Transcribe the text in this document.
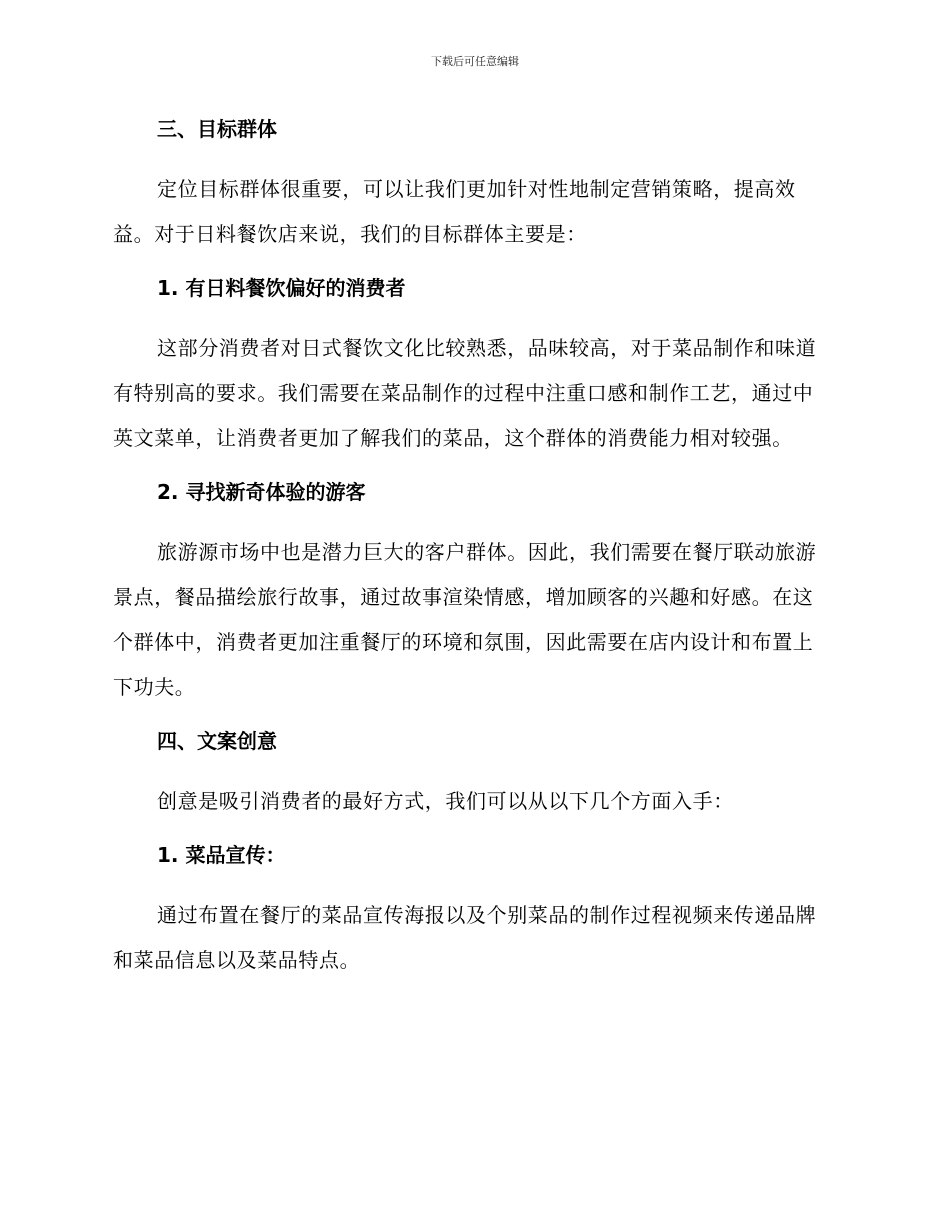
下载后可任意编辑

三、目标群体

定位目标群体很重要，可以让我们更加针对性地制定营销策略，提高效益。对于日料餐饮店来说，我们的目标群体主要是：

1. 有日料餐饮偏好的消费者

这部分消费者对日式餐饮文化比较熟悉，品味较高，对于菜品制作和味道有特别高的要求。我们需要在菜品制作的过程中注重口感和制作工艺，通过中英文菜单，让消费者更加了解我们的菜品，这个群体的消费能力相对较强。

2. 寻找新奇体验的游客

旅游源市场中也是潜力巨大的客户群体。因此，我们需要在餐厅联动旅游景点，餐品描绘旅行故事，通过故事渲染情感，增加顾客的兴趣和好感。在这个群体中，消费者更加注重餐厅的环境和氛围，因此需要在店内设计和布置上下功夫。

四、文案创意

创意是吸引消费者的最好方式，我们可以从以下几个方面入手：

1. 菜品宣传：

通过布置在餐厅的菜品宣传海报以及个别菜品的制作过程视频来传递品牌和菜品信息以及菜品特点。
